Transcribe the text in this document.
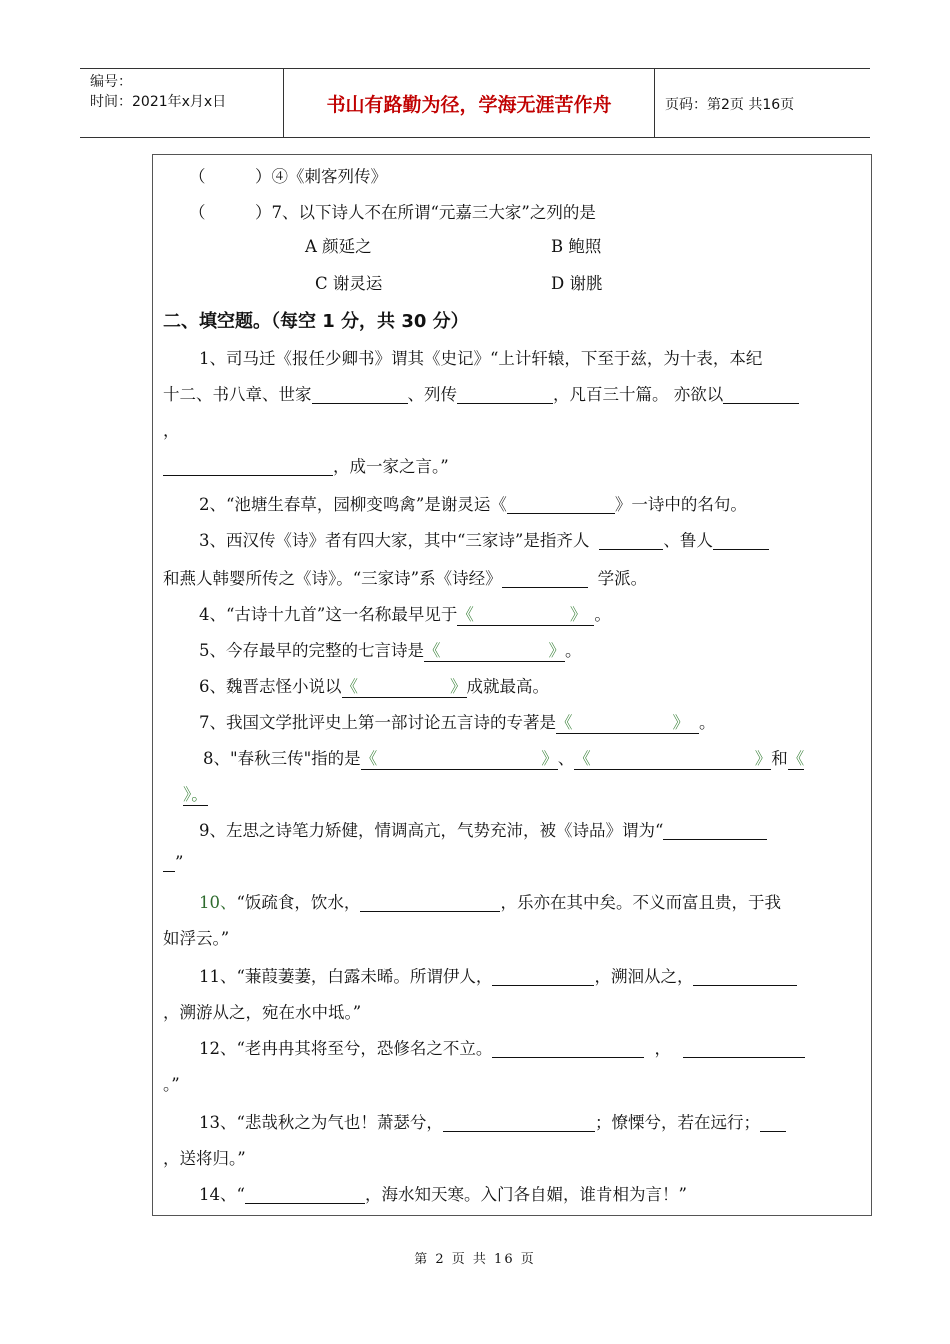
编号：
时间：2021年x月x日	书山有路勤为径，学海无涯苦作舟	页码：第2页 共16页
（　　　）④《刺客列传》
（　　　）7、以下诗人不在所谓“元嘉三大家”之列的是
A 颜延之	B 鲍照
C 谢灵运	D 谢朓
二、填空题。（每空 1 分，共 30 分）
1、司马迁《报任少卿书》谓其《史记》“上计轩辕，下至于兹，为十表，本纪
十二、书八章、世家	、列传	，凡百三十篇。 亦欲以
，
，成一家之言。”
2、“池塘生春草，园柳变鸣禽”是谢灵运《	》一诗中的名句。
3、西汉传《诗》者有四大家，其中“三家诗”是指齐人	、鲁人
和燕人韩婴所传之《诗》。“三家诗”系《诗经》	学派。
4、“古诗十九首”这一名称最早见于《	》 。
5、今存最早的完整的七言诗是《	》。
6、魏晋志怪小说以《	》成就最高。
7、我国文学批评史上第一部讨论五言诗的专著是《	》 。
8、"春秋三传"指的是《	》、《	》和《
》。
9、左思之诗笔力矫健，情调高亢，气势充沛，被《诗品》谓为“
”
10、“饭疏食，饮水，	，乐亦在其中矣。不义而富且贵，于我
如浮云。”
11、“蒹葭萋萋，白露未晞。所谓伊人，	，溯洄从之，
，溯游从之，宛在水中坻。”
12、“老冉冉其将至兮，恐修名之不立。	，
。”
13、“悲哉秋之为气也！萧瑟兮，	；憭慄兮，若在远行；
，送将归。”
14、“	，海水知天寒。入门各自媚，谁肯相为言！”
第 2 页 共 16 页
